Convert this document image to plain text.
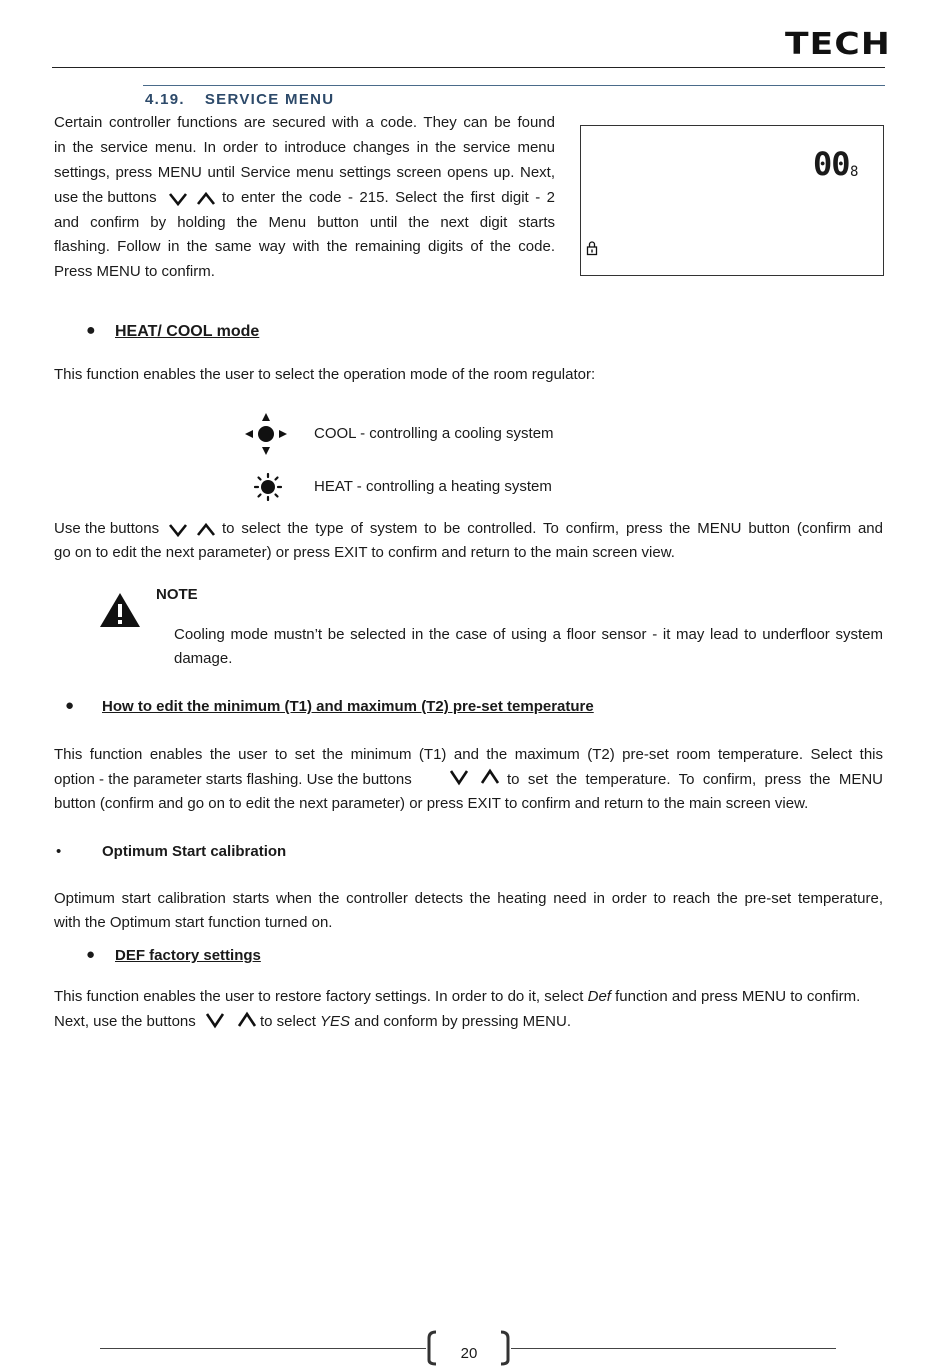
TECH
4.19. SERVICE MENU
Certain controller functions are secured with a code. They can be found
in the service menu. In order to introduce changes in the service menu
settings, press MENU until Service menu settings screen opens up. Next,
use the buttons	to enter the code - 215. Select the first digit - 2
and confirm by holding the Menu button until the next digit starts
flashing. Follow in the same way with the remaining digits of the code.
Press MENU to confirm.
00 8
● HEAT/ COOL mode
This function enables the user to select the operation mode of the room regulator:
COOL - controlling a cooling system
HEAT - controlling a heating system
Use the buttons	to select the type of system to be controlled. To confirm, press the MENU button (confirm and
go on to edit the next parameter) or press EXIT to confirm and return to the main screen view.
NOTE
Cooling mode mustn’t be selected in the case of using a floor sensor - it may lead to underfloor system
damage.
● How to edit the minimum (T1) and maximum (T2) pre-set temperature
This function enables the user to set the minimum (T1) and the maximum (T2) pre-set room temperature. Select this
option - the parameter starts flashing. Use the buttons	to set the temperature. To confirm, press the MENU
button (confirm and go on to edit the next parameter) or press EXIT to confirm and return to the main screen view.
•	Optimum Start calibration
Optimum start calibration starts when the controller detects the heating need in order to reach the pre-set temperature,
with the Optimum start function turned on.
● DEF factory settings
This function enables the user to restore factory settings. In order to do it, select Def function and press MENU to confirm.
Next, use the buttons	to select YES and conform by pressing MENU.
20
